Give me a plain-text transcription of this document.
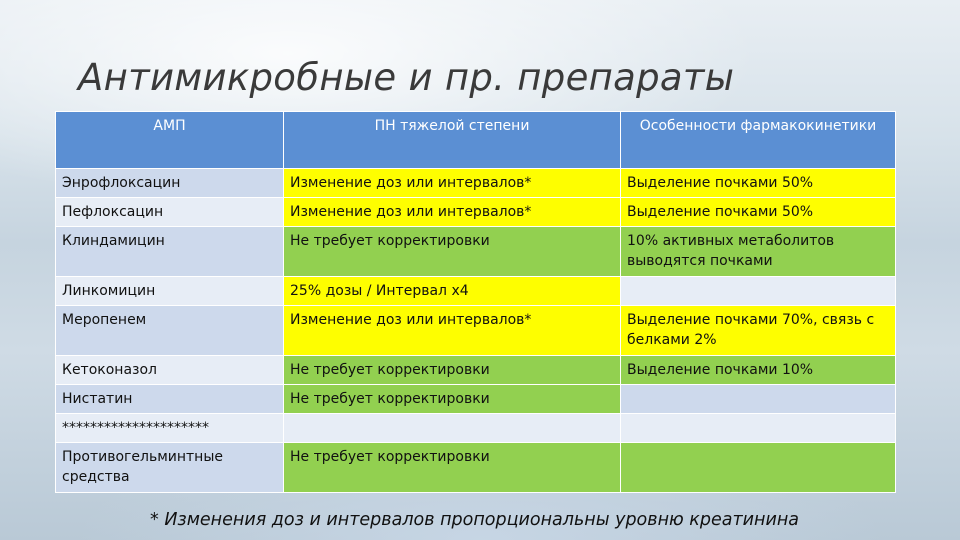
Антимикробные и пр. препараты
АМП	ПН тяжелой степени	Особенности фармакокинетики
Энрофлоксацин	Изменение доз или интервалов*	Выделение почками 50%
Пефлоксацин	Изменение доз или интервалов*	Выделение почками 50%
Клиндамицин	Не требует корректировки	10% активных метаболитов выводятся почками
Линкомицин	25% дозы / Интервал х4	
Меропенем	Изменение доз или интервалов*	Выделение почками 70%, связь с белками 2%
Кетоконазол	Не требует корректировки	Выделение почками 10%
Нистатин	Не требует корректировки	
*********************		
Противогельминтные средства	Не требует корректировки	

* Изменения доз и интервалов пропорциональны уровню креатинина
